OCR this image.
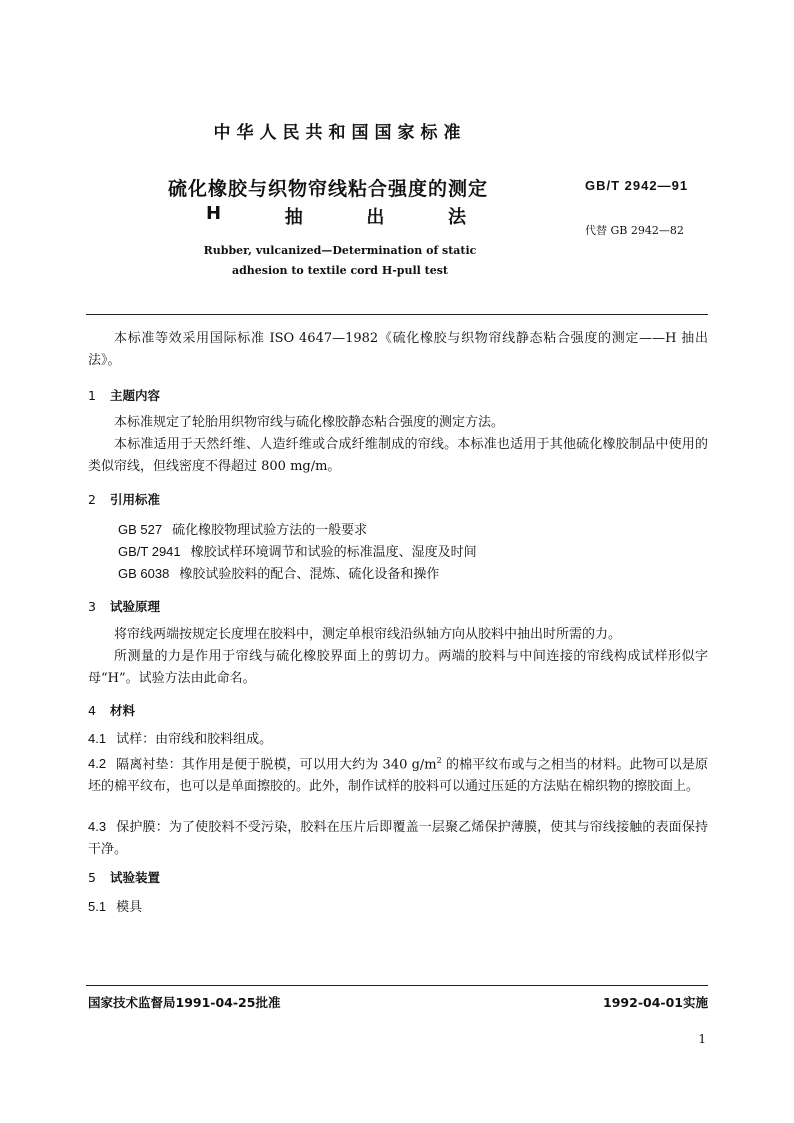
中华人民共和国国家标准
硫化橡胶与织物帘线粘合强度的测定
H	抽	出	法
GB/T 2942—91
代替 GB 2942—82
Rubber, vulcanized—Determination of static
adhesion to textile cord H-pull test
本标准等效采用国际标准 ISO 4647—1982《硫化橡胶与织物帘线静态粘合强度的测定——H 抽出法》。
1 主题内容
本标准规定了轮胎用织物帘线与硫化橡胶静态粘合强度的测定方法。
本标准适用于天然纤维、人造纤维或合成纤维制成的帘线。本标准也适用于其他硫化橡胶制品中使用的类似帘线，但线密度不得超过 800 mg/m。
2 引用标准
GB 527 硫化橡胶物理试验方法的一般要求
GB/T 2941 橡胶试样环境调节和试验的标准温度、湿度及时间
GB 6038 橡胶试验胶料的配合、混炼、硫化设备和操作
3 试验原理
将帘线两端按规定长度埋在胶料中，测定单根帘线沿纵轴方向从胶料中抽出时所需的力。
所测量的力是作用于帘线与硫化橡胶界面上的剪切力。两端的胶料与中间连接的帘线构成试样形似字母“H”。试验方法由此命名。
4 材料
4.1 试样：由帘线和胶料组成。
4.2 隔离衬垫：其作用是便于脱模，可以用大约为 340 $g/m^2$ 的棉平纹布或与之相当的材料。此物可以是原坯的棉平纹布，也可以是单面擦胶的。此外，制作试样的胶料可以通过压延的方法贴在棉织物的擦胶面上。
4.3 保护膜：为了使胶料不受污染，胶料在压片后即覆盖一层聚乙烯保护薄膜，使其与帘线接触的表面保持干净。
5 试验装置
5.1 模具
国家技术监督局1991-04-25批准	1992-04-01实施
1
